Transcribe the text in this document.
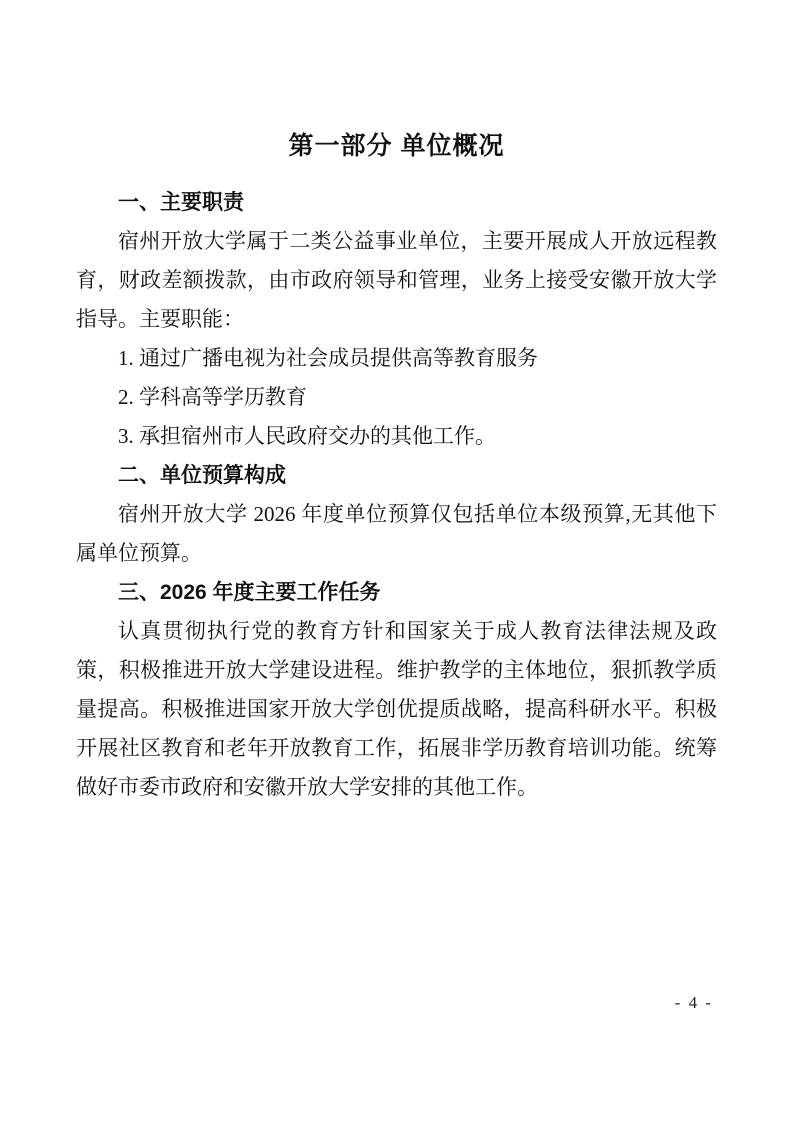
第一部分 单位概况
一、主要职责

宿州开放大学属于二类公益事业单位，主要开展成人开放远程教育，财政差额拨款，由市政府领导和管理，业务上接受安徽开放大学指导。主要职能：

1. 通过广播电视为社会成员提供高等教育服务

2. 学科高等学历教育

3. 承担宿州市人民政府交办的其他工作。

二、单位预算构成

宿州开放大学 2026 年度单位预算仅包括单位本级预算,无其他下属单位预算。

三、2026 年度主要工作任务

认真贯彻执行党的教育方针和国家关于成人教育法律法规及政策，积极推进开放大学建设进程。维护教学的主体地位，狠抓教学质量提高。积极推进国家开放大学创优提质战略，提高科研水平。积极开展社区教育和老年开放教育工作，拓展非学历教育培训功能。统筹做好市委市政府和安徽开放大学安排的其他工作。

- 4 -
